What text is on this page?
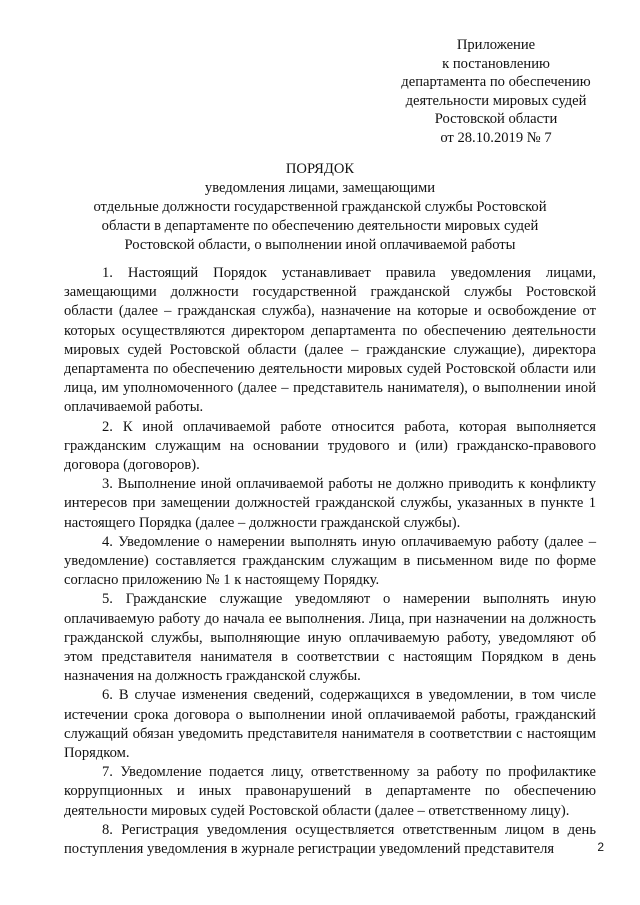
Приложение
к постановлению
департамента по обеспечению
деятельности мировых судей
Ростовской области
от 28.10.2019 № 7
ПОРЯДОК
уведомления лицами, замещающими
отдельные должности государственной гражданской службы Ростовской
области в департаменте по обеспечению деятельности мировых судей
Ростовской области, о выполнении иной оплачиваемой работы

1. Настоящий Порядок устанавливает правила уведомления лицами, замещающими должности государственной гражданской службы Ростовской области (далее – гражданская служба), назначение на которые и освобождение от которых осуществляются директором департамента по обеспечению деятельности мировых судей Ростовской области (далее – гражданские служащие), директора департамента по обеспечению деятельности мировых судей Ростовской области или лица, им уполномоченного (далее – представитель нанимателя), о выполнении иной оплачиваемой работы.

2. К иной оплачиваемой работе относится работа, которая выполняется гражданским служащим на основании трудового и (или) гражданско-правового договора (договоров).

3. Выполнение иной оплачиваемой работы не должно приводить к конфликту интересов при замещении должностей гражданской службы, указанных в пункте 1 настоящего Порядка (далее – должности гражданской службы).

4. Уведомление о намерении выполнять иную оплачиваемую работу (далее – уведомление) составляется гражданским служащим в письменном виде по форме согласно приложению № 1 к настоящему Порядку.

5. Гражданские служащие уведомляют о намерении выполнять иную оплачиваемую работу до начала ее выполнения. Лица, при назначении на должность гражданской службы, выполняющие иную оплачиваемую работу, уведомляют об этом представителя нанимателя в соответствии с настоящим Порядком в день назначения на должность гражданской службы.

6. В случае изменения сведений, содержащихся в уведомлении, в том числе истечении срока договора о выполнении иной оплачиваемой работы, гражданский служащий обязан уведомить представителя нанимателя в соответствии с настоящим Порядком.

7. Уведомление подается лицу, ответственному за работу по профилактике коррупционных и иных правонарушений в департаменте по обеспечению деятельности мировых судей Ростовской области (далее – ответственному лицу).

8. Регистрация уведомления осуществляется ответственным лицом в день поступления уведомления в журнале регистрации уведомлений представителя	2
